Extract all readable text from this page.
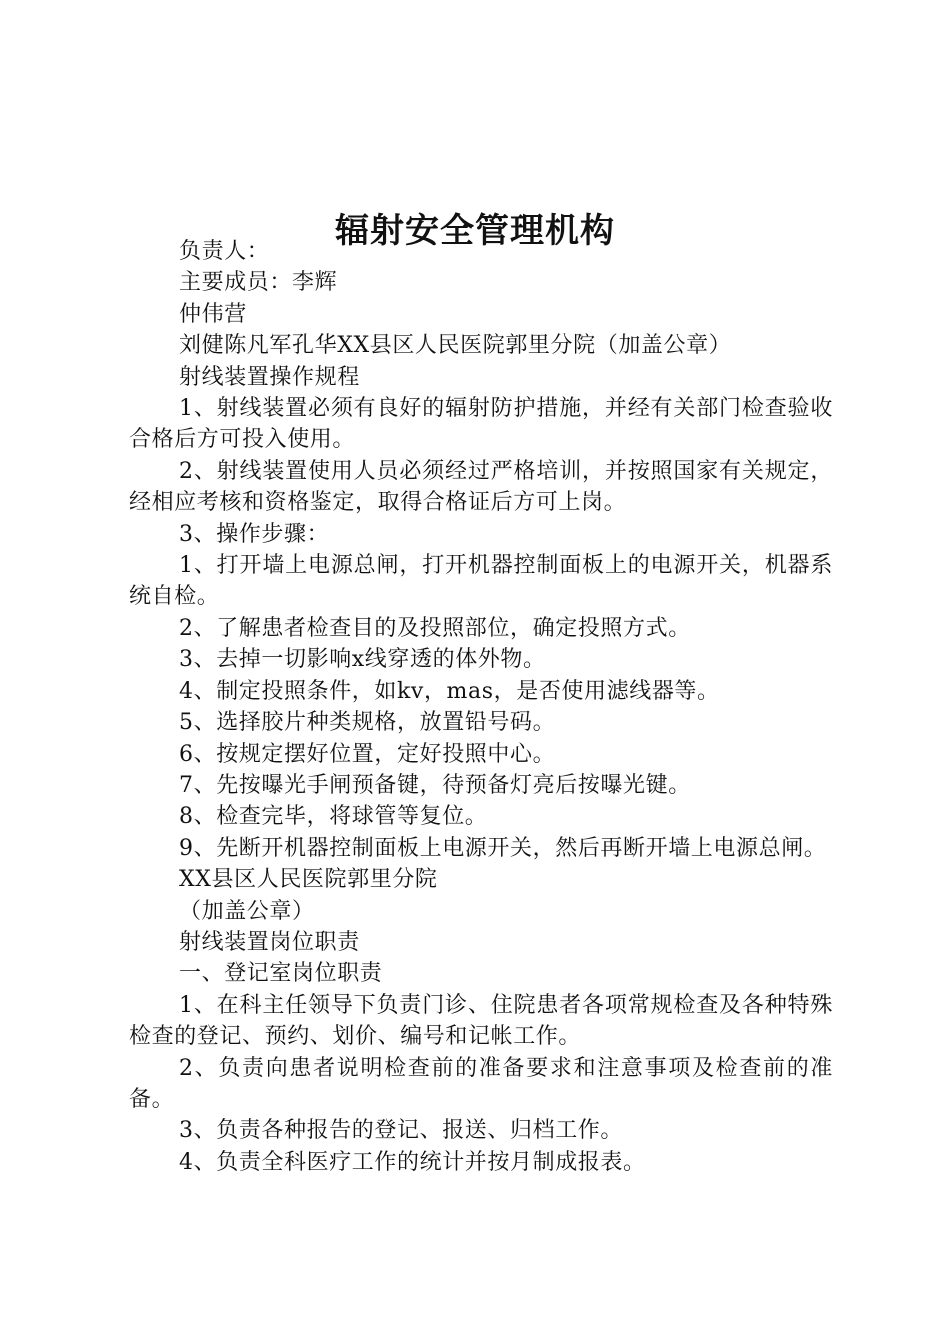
辐射安全管理机构

负责人：

主要成员：李辉

仲伟营

刘健陈凡军孔华XX县区人民医院郭里分院（加盖公章）

射线装置操作规程

1、射线装置必须有良好的辐射防护措施，并经有关部门检查验收合格后方可投入使用。

2、射线装置使用人员必须经过严格培训，并按照国家有关规定，经相应考核和资格鉴定，取得合格证后方可上岗。

3、操作步骤：

1、打开墙上电源总闸，打开机器控制面板上的电源开关，机器系统自检。

2、了解患者检查目的及投照部位，确定投照方式。

3、去掉一切影响x线穿透的体外物。

4、制定投照条件，如kv，mas，是否使用滤线器等。

5、选择胶片种类规格，放置铅号码。

6、按规定摆好位置，定好投照中心。

7、先按曝光手闸预备键，待预备灯亮后按曝光键。

8、检查完毕，将球管等复位。

9、先断开机器控制面板上电源开关，然后再断开墙上电源总闸。

XX县区人民医院郭里分院

（加盖公章）

射线装置岗位职责

一、登记室岗位职责

1、在科主任领导下负责门诊、住院患者各项常规检查及各种特殊检查的登记、预约、划价、编号和记帐工作。

2、负责向患者说明检查前的准备要求和注意事项及检查前的准备。

3、负责各种报告的登记、报送、归档工作。

4、负责全科医疗工作的统计并按月制成报表。
